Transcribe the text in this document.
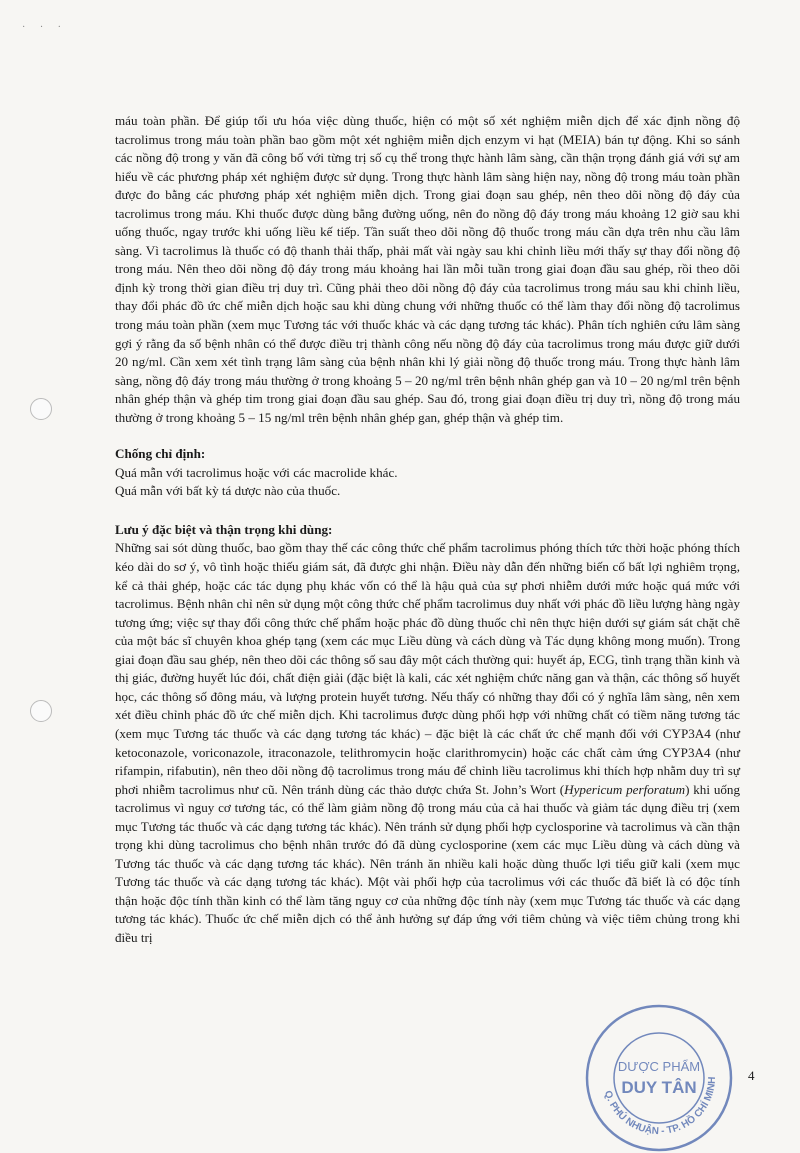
· · ·

máu toàn phần. Để giúp tối ưu hóa việc dùng thuốc, hiện có một số xét nghiệm miễn dịch để xác định nồng độ tacrolimus trong máu toàn phần bao gồm một xét nghiệm miễn dịch enzym vi hạt (MEIA) bán tự động. Khi so sánh các nồng độ trong y văn đã công bố với từng trị số cụ thể trong thực hành lâm sàng, cần thận trọng đánh giá với sự am hiểu về các phương pháp xét nghiệm được sử dụng. Trong thực hành lâm sàng hiện nay, nồng độ trong máu toàn phần được đo bằng các phương pháp xét nghiệm miễn dịch. Trong giai đoạn sau ghép, nên theo dõi nồng độ đáy của tacrolimus trong máu. Khi thuốc được dùng bằng đường uống, nên đo nồng độ đáy trong máu khoảng 12 giờ sau khi uống thuốc, ngay trước khi uống liều kế tiếp. Tần suất theo dõi nồng độ thuốc trong máu cần dựa trên nhu cầu lâm sàng. Vì tacrolimus là thuốc có độ thanh thải thấp, phải mất vài ngày sau khi chỉnh liều mới thấy sự thay đổi nồng độ trong máu. Nên theo dõi nồng độ đáy trong máu khoảng hai lần mỗi tuần trong giai đoạn đầu sau ghép, rồi theo dõi định kỳ trong thời gian điều trị duy trì. Cũng phải theo dõi nồng độ đáy của tacrolimus trong máu sau khi chỉnh liều, thay đổi phác đồ ức chế miễn dịch hoặc sau khi dùng chung với những thuốc có thể làm thay đổi nồng độ tacrolimus trong máu toàn phần (xem mục Tương tác với thuốc khác và các dạng tương tác khác). Phân tích nghiên cứu lâm sàng gợi ý rằng đa số bệnh nhân có thể được điều trị thành công nếu nồng độ đáy của tacrolimus trong máu được giữ dưới 20 ng/ml. Cần xem xét tình trạng lâm sàng của bệnh nhân khi lý giải nồng độ thuốc trong máu. Trong thực hành lâm sàng, nồng độ đáy trong máu thường ở trong khoảng 5 – 20 ng/ml trên bệnh nhân ghép gan và 10 – 20 ng/ml trên bệnh nhân ghép thận và ghép tim trong giai đoạn đầu sau ghép. Sau đó, trong giai đoạn điều trị duy trì, nồng độ trong máu thường ở trong khoảng 5 – 15 ng/ml trên bệnh nhân ghép gan, ghép thận và ghép tim.

Chống chỉ định:

Quá mẫn với tacrolimus hoặc với các macrolide khác.

Quá mẫn với bất kỳ tá dược nào của thuốc.

Lưu ý đặc biệt và thận trọng khi dùng:

Những sai sót dùng thuốc, bao gồm thay thế các công thức chế phẩm tacrolimus phóng thích tức thời hoặc phóng thích kéo dài do sơ ý, vô tình hoặc thiếu giám sát, đã được ghi nhận. Điều này dẫn đến những biến cố bất lợi nghiêm trọng, kể cả thải ghép, hoặc các tác dụng phụ khác vốn có thể là hậu quả của sự phơi nhiễm dưới mức hoặc quá mức với tacrolimus. Bệnh nhân chỉ nên sử dụng một công thức chế phẩm tacrolimus duy nhất với phác đồ liều lượng hàng ngày tương ứng; việc sự thay đổi công thức chế phẩm hoặc phác đồ dùng thuốc chỉ nên thực hiện dưới sự giám sát chặt chẽ của một bác sĩ chuyên khoa ghép tạng (xem các mục Liều dùng và cách dùng và Tác dụng không mong muốn). Trong giai đoạn đầu sau ghép, nên theo dõi các thông số sau đây một cách thường qui: huyết áp, ECG, tình trạng thần kinh và thị giác, đường huyết lúc đói, chất điện giải (đặc biệt là kali, các xét nghiệm chức năng gan và thận, các thông số huyết học, các thông số đông máu, và lượng protein huyết tương. Nếu thấy có những thay đổi có ý nghĩa lâm sàng, nên xem xét điều chỉnh phác đồ ức chế miễn dịch. Khi tacrolimus được dùng phối hợp với những chất có tiềm năng tương tác (xem mục Tương tác thuốc và các dạng tương tác khác) – đặc biệt là các chất ức chế mạnh đối với CYP3A4 (như ketoconazole, voriconazole, itraconazole, telithromycin hoặc clarithromycin) hoặc các chất cảm ứng CYP3A4 (như rifampin, rifabutin), nên theo dõi nồng độ tacrolimus trong máu để chỉnh liều tacrolimus khi thích hợp nhằm duy trì sự phơi nhiễm tacrolimus như cũ. Nên tránh dùng các thảo dược chứa St. John’s Wort (Hypericum perforatum) khi uống tacrolimus vì nguy cơ tương tác, có thể làm giảm nồng độ trong máu của cả hai thuốc và giảm tác dụng điều trị (xem mục Tương tác thuốc và các dạng tương tác khác). Nên tránh sử dụng phối hợp cyclosporine và tacrolimus và cần thận trọng khi dùng tacrolimus cho bệnh nhân trước đó đã dùng cyclosporine (xem các mục Liều dùng và cách dùng và Tương tác thuốc và các dạng tương tác khác). Nên tránh ăn nhiều kali hoặc dùng thuốc lợi tiểu giữ kali (xem mục Tương tác thuốc và các dạng tương tác khác). Một vài phối hợp của tacrolimus với các thuốc đã biết là có độc tính thận hoặc độc tính thần kinh có thể làm tăng nguy cơ của những độc tính này (xem mục Tương tác thuốc và các dạng tương tác khác). Thuốc ức chế miễn dịch có thể ảnh hưởng sự đáp ứng với tiêm chủng và việc tiêm chủng trong khi điều trị

Q. PHÚ NHUẬN - TP. HỒ CHÍ MINH
DƯỢC PHẨM
DUY TÂN
4
